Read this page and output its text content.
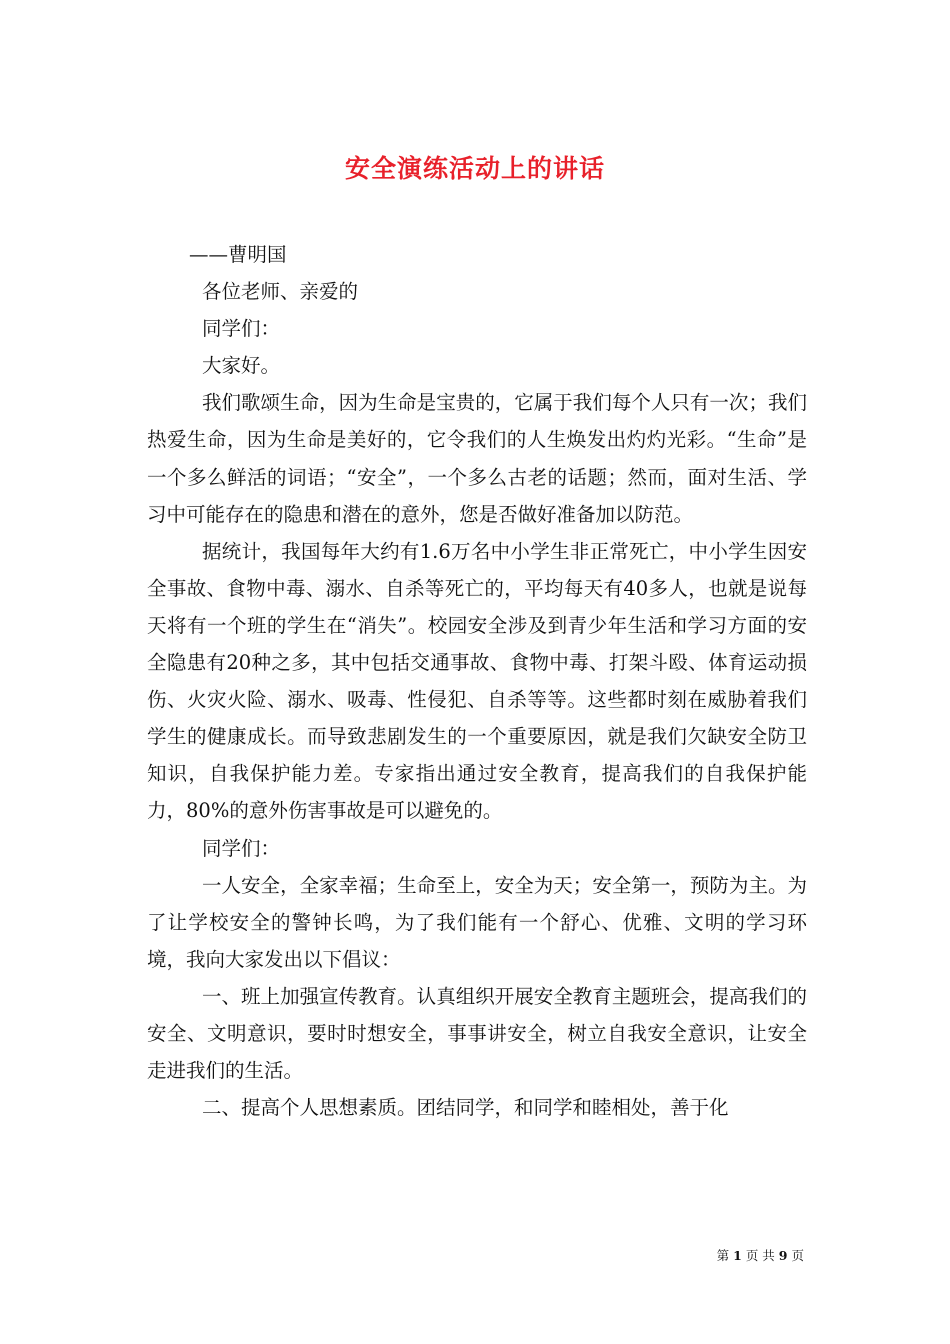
安全演练活动上的讲话

——曹明国

各位老师、亲爱的

同学们：

大家好。

我们歌颂生命，因为生命是宝贵的，它属于我们每个人只有一次；我们热爱生命，因为生命是美好的，它令我们的人生焕发出灼灼光彩。“生命”是一个多么鲜活的词语；“安全”，一个多么古老的话题；然而，面对生活、学习中可能存在的隐患和潜在的意外，您是否做好准备加以防范。

据统计，我国每年大约有1.6万名中小学生非正常死亡，中小学生因安全事故、食物中毒、溺水、自杀等死亡的，平均每天有40多人，也就是说每天将有一个班的学生在“消失”。校园安全涉及到青少年生活和学习方面的安全隐患有20种之多，其中包括交通事故、食物中毒、打架斗殴、体育运动损伤、火灾火险、溺水、吸毒、性侵犯、自杀等等。这些都时刻在威胁着我们学生的健康成长。而导致悲剧发生的一个重要原因，就是我们欠缺安全防卫知识，自我保护能力差。专家指出通过安全教育，提高我们的自我保护能力，80%的意外伤害事故是可以避免的。

同学们：

一人安全，全家幸福；生命至上，安全为天；安全第一，预防为主。为了让学校安全的警钟长鸣，为了我们能有一个舒心、优雅、文明的学习环境，我向大家发出以下倡议：

一、班上加强宣传教育。认真组织开展安全教育主题班会，提高我们的安全、文明意识，要时时想安全，事事讲安全，树立自我安全意识，让安全走进我们的生活。

二、提高个人思想素质。团结同学，和同学和睦相处，善于化

第 1 页 共 9 页
